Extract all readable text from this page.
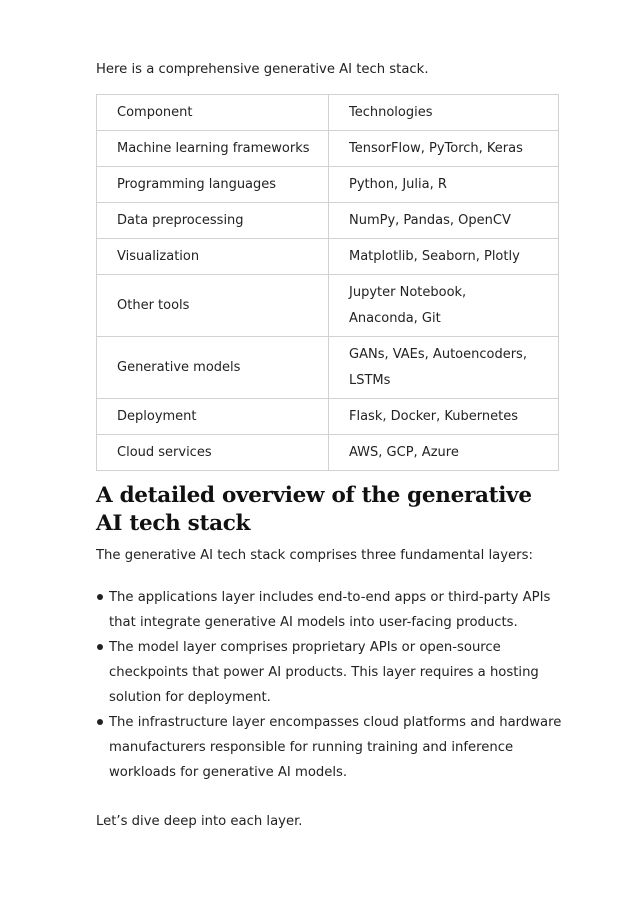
Here is a comprehensive generative AI tech stack.

Component	Technologies
Machine learning frameworks	TensorFlow, PyTorch, Keras
Programming languages	Python, Julia, R
Data preprocessing	NumPy, Pandas, OpenCV
Visualization	Matplotlib, Seaborn, Plotly
Other tools	Jupyter Notebook, Anaconda, Git
Generative models	GANs, VAEs, Autoencoders, LSTMs
Deployment	Flask, Docker, Kubernetes
Cloud services	AWS, GCP, Azure
A detailed overview of the generative AI tech stack

The generative AI tech stack comprises three fundamental layers:

The applications layer includes end-to-end apps or third-party APIs that integrate generative AI models into user-facing products.
The model layer comprises proprietary APIs or open-source checkpoints that power AI products. This layer requires a hosting solution for deployment.
The infrastructure layer encompasses cloud platforms and hardware manufacturers responsible for running training and inference workloads for generative AI models.

Let’s dive deep into each layer.
